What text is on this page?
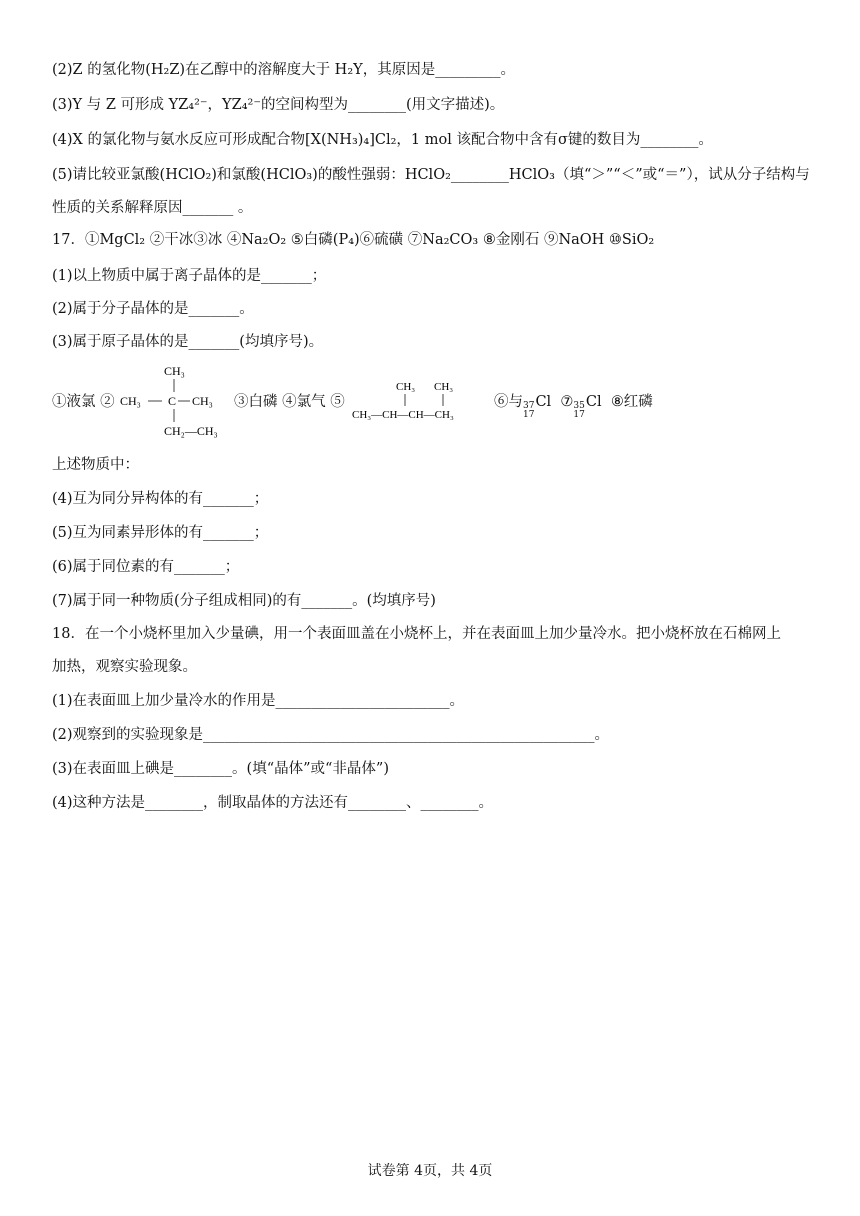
(2)Z 的氢化物(H₂Z)在乙醇中的溶解度大于 H₂Y，其原因是_________。
(3)Y 与 Z 可形成 YZ₄²⁻，YZ₄²⁻的空间构型为________(用文字描述)。
(4)X 的氯化物与氨水反应可形成配合物[X(NH₃)₄]Cl₂，1 mol 该配合物中含有σ键的数目为________。
(5)请比较亚氯酸(HClO₂)和氯酸(HClO₃)的酸性强弱：HClO₂________HClO₃（填“＞”“＜”或“＝”），试从分子结构与
性质的关系解释原因_______ 。
17．①MgCl₂ ②干冰③冰 ④Na₂O₂ ⑤白磷(P₄)⑥硫磺 ⑦Na₂CO₃ ⑧金刚石 ⑨NaOH ⑩SiO₂
(1)以上物质中属于离子晶体的是_______；
(2)属于分子晶体的是_______。
(3)属于原子晶体的是_______(均填序号)。
①液氯 ②
CH₃
CH₃ C CH₃
CH₂—CH₃
③白磷 ④氯气 ⑤
CH₃ CH₃
CH₃—CH—CH—CH₃
⑥与 37
17
Cl ⑦ 35
17
Cl ⑧红磷
上述物质中：
(4)互为同分异构体的有_______；
(5)互为同素异形体的有_______；
(6)属于同位素的有_______；
(7)属于同一种物质(分子组成相同)的有_______。(均填序号)
18．在一个小烧杯里加入少量碘，用一个表面皿盖在小烧杯上，并在表面皿上加少量冷水。把小烧杯放在石棉网上
加热，观察实验现象。
(1)在表面皿上加少量冷水的作用是________________________。
(2)观察到的实验现象是______________________________________________________。
(3)在表面皿上碘是________。(填“晶体”或“非晶体”)
(4)这种方法是________，制取晶体的方法还有________、________。
试卷第 4页，共 4页
